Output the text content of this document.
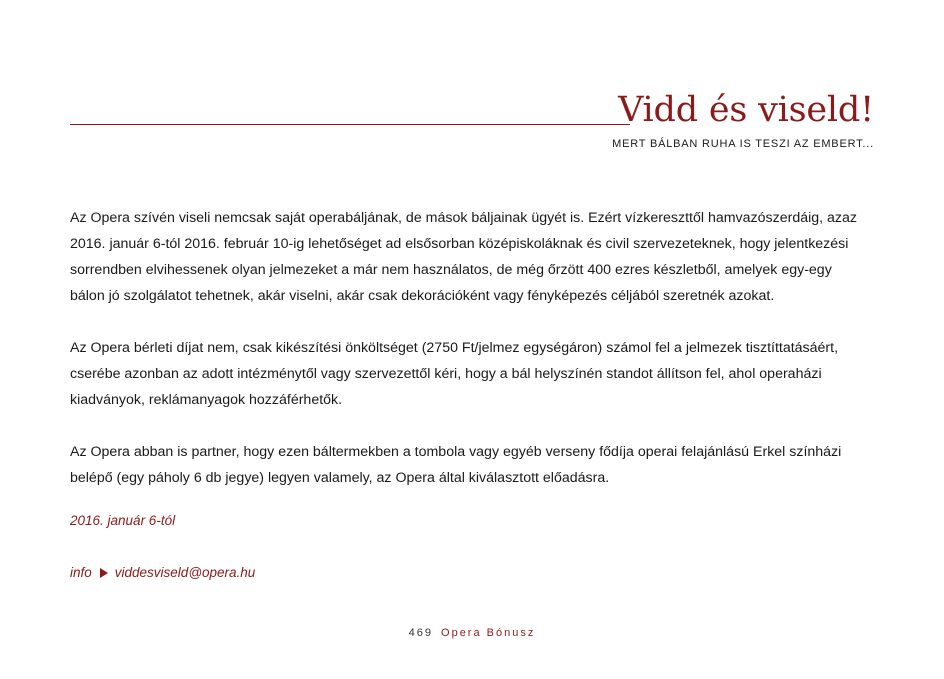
Vidd és viseld!
MERT BÁLBAN RUHA IS TESZI AZ EMBERT...

Az Opera szívén viseli nemcsak saját operabáljának, de mások báljainak ügyét is. Ezért vízkereszttől hamvazószerdáig, azaz 2016. január 6-tól 2016. február 10-ig lehetőséget ad elsősorban középiskoláknak és civil szervezeteknek, hogy jelentkezési sorrendben elvihessenek olyan jelmezeket a már nem használatos, de még őrzött 400 ezres készletből, amelyek egy-egy bálon jó szolgálatot tehetnek, akár viselni, akár csak dekorációként vagy fényképezés céljából szeretnék azokat.

Az Opera bérleti díjat nem, csak kikészítési önköltséget (2750 Ft/jelmez egységáron) számol fel a jelmezek tisztíttatásáért, cserébe azonban az adott intézménytől vagy szervezettől kéri, hogy a bál helyszínén standot állítson fel, ahol operaházi kiadványok, reklámanyagok hozzáférhetők.

Az Opera abban is partner, hogy ezen báltermekben a tombola vagy egyéb verseny fődíja operai felajánlású Erkel színházi belépő (egy páholy 6 db jegye) legyen valamely, az Opera által kiválasztott előadásra.

2016. január 6-tól
info viddesviseld@opera.hu
469 Opera Bónusz
